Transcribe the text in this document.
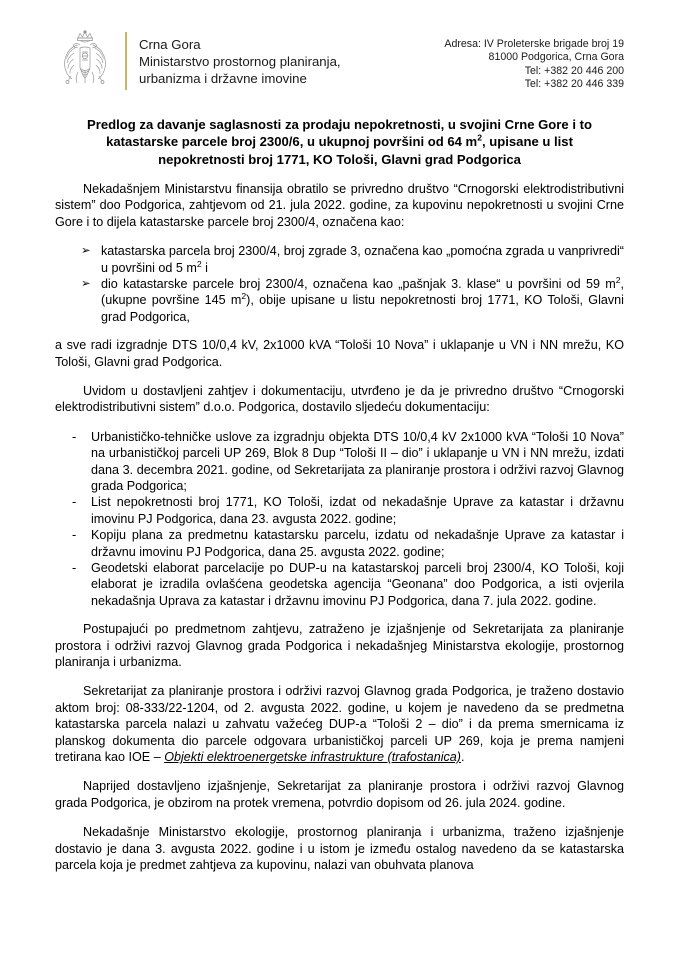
Crna Gora
Ministarstvo prostornog planiranja,
urbanizma i državne imovine
Adresa: IV Proleterske brigade broj 19
81000 Podgorica, Crna Gora
Tel: +382 20 446 200
Tel: +382 20 446 339
Predlog za davanje saglasnosti za prodaju nepokretnosti, u svojini Crne Gore i to katastarske parcele broj 2300/6, u ukupnoj površini od 64 $m^2$, upisane u list nepokretnosti broj 1771, KO Tološi, Glavni grad Podgorica

Nekadašnjem Ministarstvu finansija obratilo se privredno društvo “Crnogorski elektrodistributivni sistem” doo Podgorica, zahtjevom od 21. jula 2022. godine, za kupovinu nepokretnosti u svojini Crne Gore i to dijela katastarske parcele broj 2300/4, označena kao:

➢ katastarska parcela broj 2300/4, broj zgrade 3, označena kao „pomoćna zgrada u vanprivredi“ u površini od 5 $m^2$ i
➢ dio katastarske parcele broj 2300/4, označena kao „pašnjak 3. klase“ u površini od 59 $m^2$, (ukupne površine 145 $m^2$), obije upisane u listu nepokretnosti broj 1771, KO Tološi, Glavni grad Podgorica,

a sve radi izgradnje DTS 10/0,4 kV, 2x1000 kVA “Tološi 10 Nova” i uklapanje u VN i NN mrežu, KO Tološi, Glavni grad Podgorica.

Uvidom u dostavljeni zahtjev i dokumentaciju, utvrđeno je da je privredno društvo “Crnogorski elektrodistributivni sistem” d.o.o. Podgorica, dostavilo sljedeću dokumentaciju:

- Urbanističko-tehničke uslove za izgradnju objekta DTS 10/0,4 kV 2x1000 kVA “Tološi 10 Nova” na urbanističkoj parceli UP 269, Blok 8 Dup “Tološi II – dio” i uklapanje u VN i NN mrežu, izdati dana 3. decembra 2021. godine, od Sekretarijata za planiranje prostora i održivi razvoj Glavnog grada Podgorica;
- List nepokretnosti broj 1771, KO Tološi, izdat od nekadašnje Uprave za katastar i državnu imovinu PJ Podgorica, dana 23. avgusta 2022. godine;
- Kopiju plana za predmetnu katastarsku parcelu, izdatu od nekadašnje Uprave za katastar i državnu imovinu PJ Podgorica, dana 25. avgusta 2022. godine;
- Geodetski elaborat parcelacije po DUP-u na katastarskoj parceli broj 2300/4, KO Tološi, koji elaborat je izradila ovlašćena geodetska agencija “Geonana” doo Podgorica, a isti ovjerila nekadašnja Uprava za katastar i državnu imovinu PJ Podgorica, dana 7. jula 2022. godine.

Postupajući po predmetnom zahtjevu, zatraženo je izjašnjenje od Sekretarijata za planiranje prostora i održivi razvoj Glavnog grada Podgorica i nekadašnjeg Ministarstva ekologije, prostornog planiranja i urbanizma.

Sekretarijat za planiranje prostora i održivi razvoj Glavnog grada Podgorica, je traženo dostavio aktom broj: 08-333/22-1204, od 2. avgusta 2022. godine, u kojem je navedeno da se predmetna katastarska parcela nalazi u zahvatu važećeg DUP-a “Tološi 2 – dio” i da prema smernicama iz planskog dokumenta dio parcele odgovara urbanističkoj parceli UP 269, koja je prema namjeni tretirana kao IOE – Objekti elektroenergetske infrastrukture (trafostanica).

Naprijed dostavljeno izjašnjenje, Sekretarijat za planiranje prostora i održivi razvoj Glavnog grada Podgorica, je obzirom na protek vremena, potvrdio dopisom od 26. jula 2024. godine.

Nekadašnje Ministarstvo ekologije, prostornog planiranja i urbanizma, traženo izjašnjenje dostavio je dana 3. avgusta 2022. godine i u istom je između ostalog navedeno da se katastarska parcela koja je predmet zahtjeva za kupovinu, nalazi van obuhvata planova
